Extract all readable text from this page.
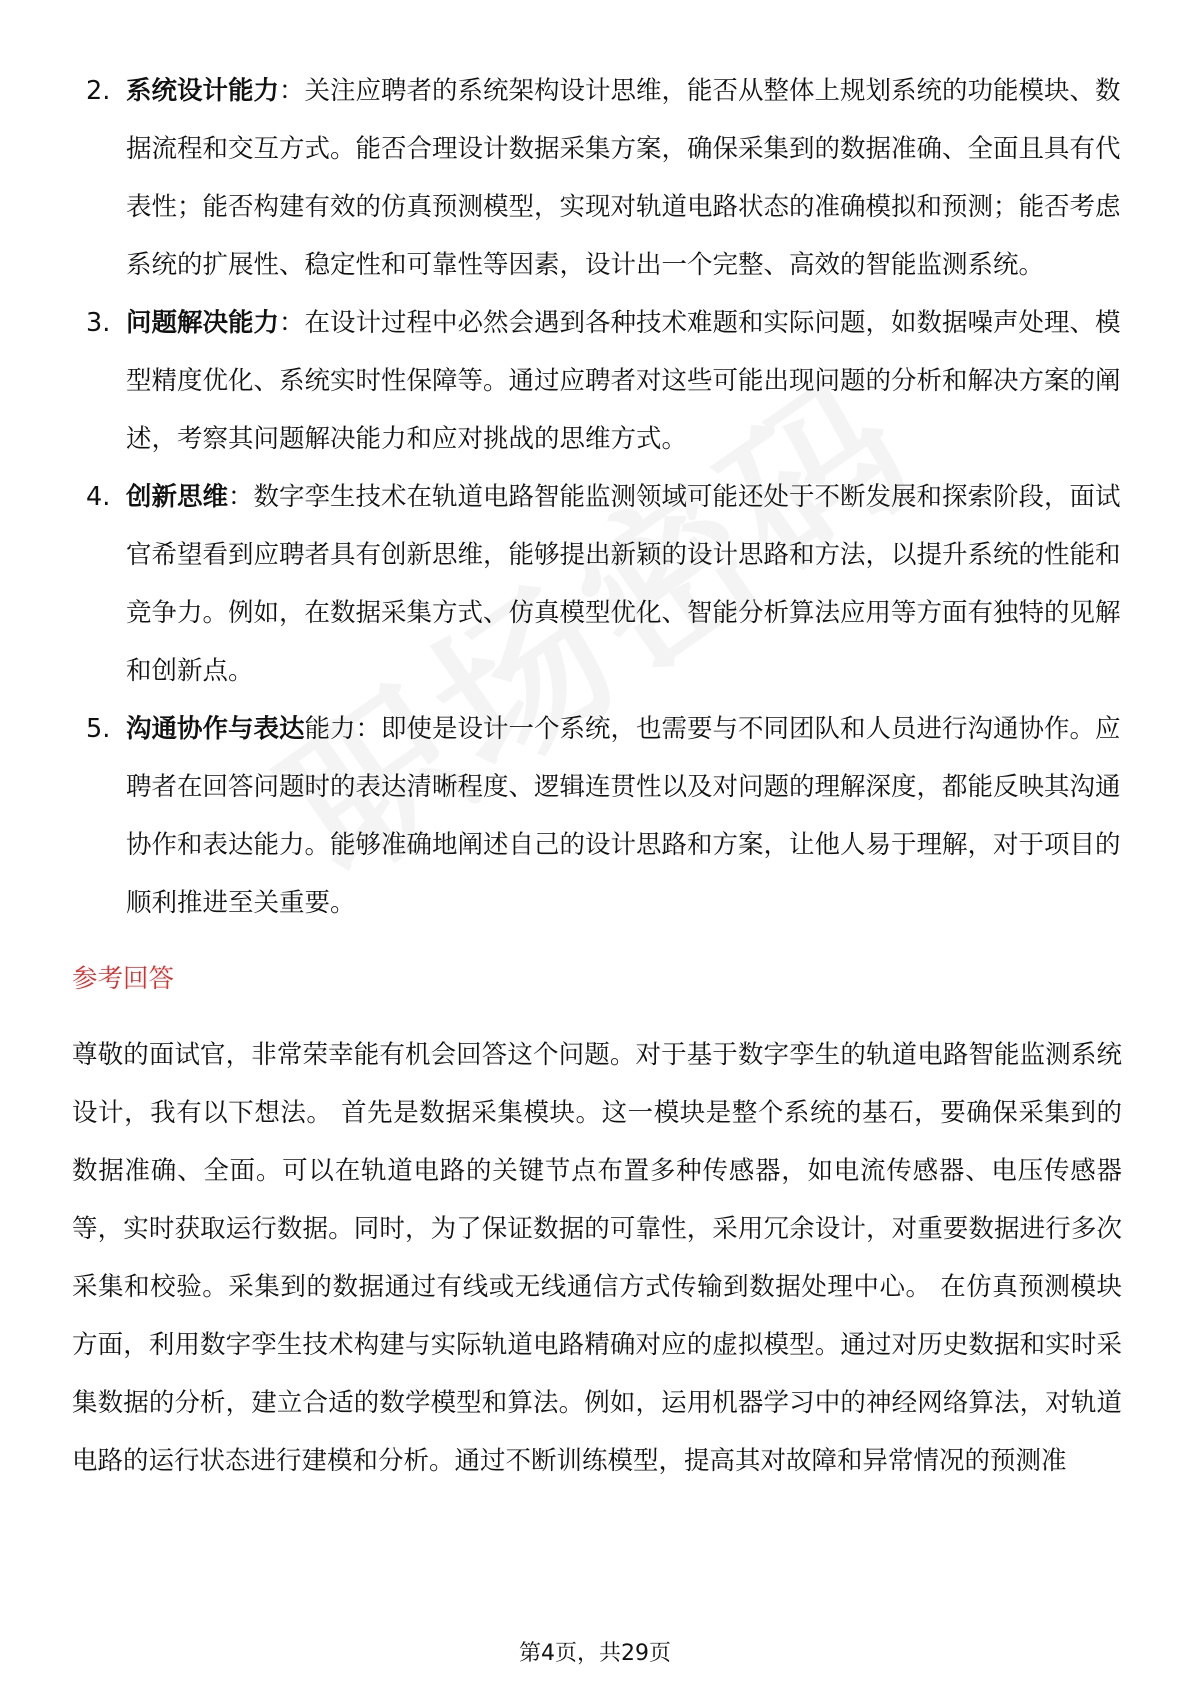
2. 系统设计能力：关注应聘者的系统架构设计思维，能否从整体上规划系统的功能模块、数据流程和交互方式。能否合理设计数据采集方案，确保采集到的数据准确、全面且具有代表性；能否构建有效的仿真预测模型，实现对轨道电路状态的准确模拟和预测；能否考虑系统的扩展性、稳定性和可靠性等因素，设计出一个完整、高效的智能监测系统。
3. 问题解决能力：在设计过程中必然会遇到各种技术难题和实际问题，如数据噪声处理、模型精度优化、系统实时性保障等。通过应聘者对这些可能出现问题的分析和解决方案的阐述，考察其问题解决能力和应对挑战的思维方式。
4. 创新思维：数字孪生技术在轨道电路智能监测领域可能还处于不断发展和探索阶段，面试官希望看到应聘者具有创新思维，能够提出新颖的设计思路和方法，以提升系统的性能和竞争力。例如，在数据采集方式、仿真模型优化、智能分析算法应用等方面有独特的见解和创新点。
5. 沟通协作与表达能力：即使是设计一个系统，也需要与不同团队和人员进行沟通协作。应聘者在回答问题时的表达清晰程度、逻辑连贯性以及对问题的理解深度，都能反映其沟通协作和表达能力。能够准确地阐述自己的设计思路和方案，让他人易于理解，对于项目的顺利推进至关重要。
参考回答
尊敬的面试官，非常荣幸能有机会回答这个问题。对于基于数字孪生的轨道电路智能监测系统设计，我有以下想法。 首先是数据采集模块。这一模块是整个系统的基石，要确保采集到的数据准确、全面。可以在轨道电路的关键节点布置多种传感器，如电流传感器、电压传感器等，实时获取运行数据。同时，为了保证数据的可靠性，采用冗余设计，对重要数据进行多次采集和校验。采集到的数据通过有线或无线通信方式传输到数据处理中心。 在仿真预测模块方面，利用数字孪生技术构建与实际轨道电路精确对应的虚拟模型。通过对历史数据和实时采集数据的分析，建立合适的数学模型和算法。例如，运用机器学习中的神经网络算法，对轨道电路的运行状态进行建模和分析。通过不断训练模型，提高其对故障和异常情况的预测准
第4页，共29页
